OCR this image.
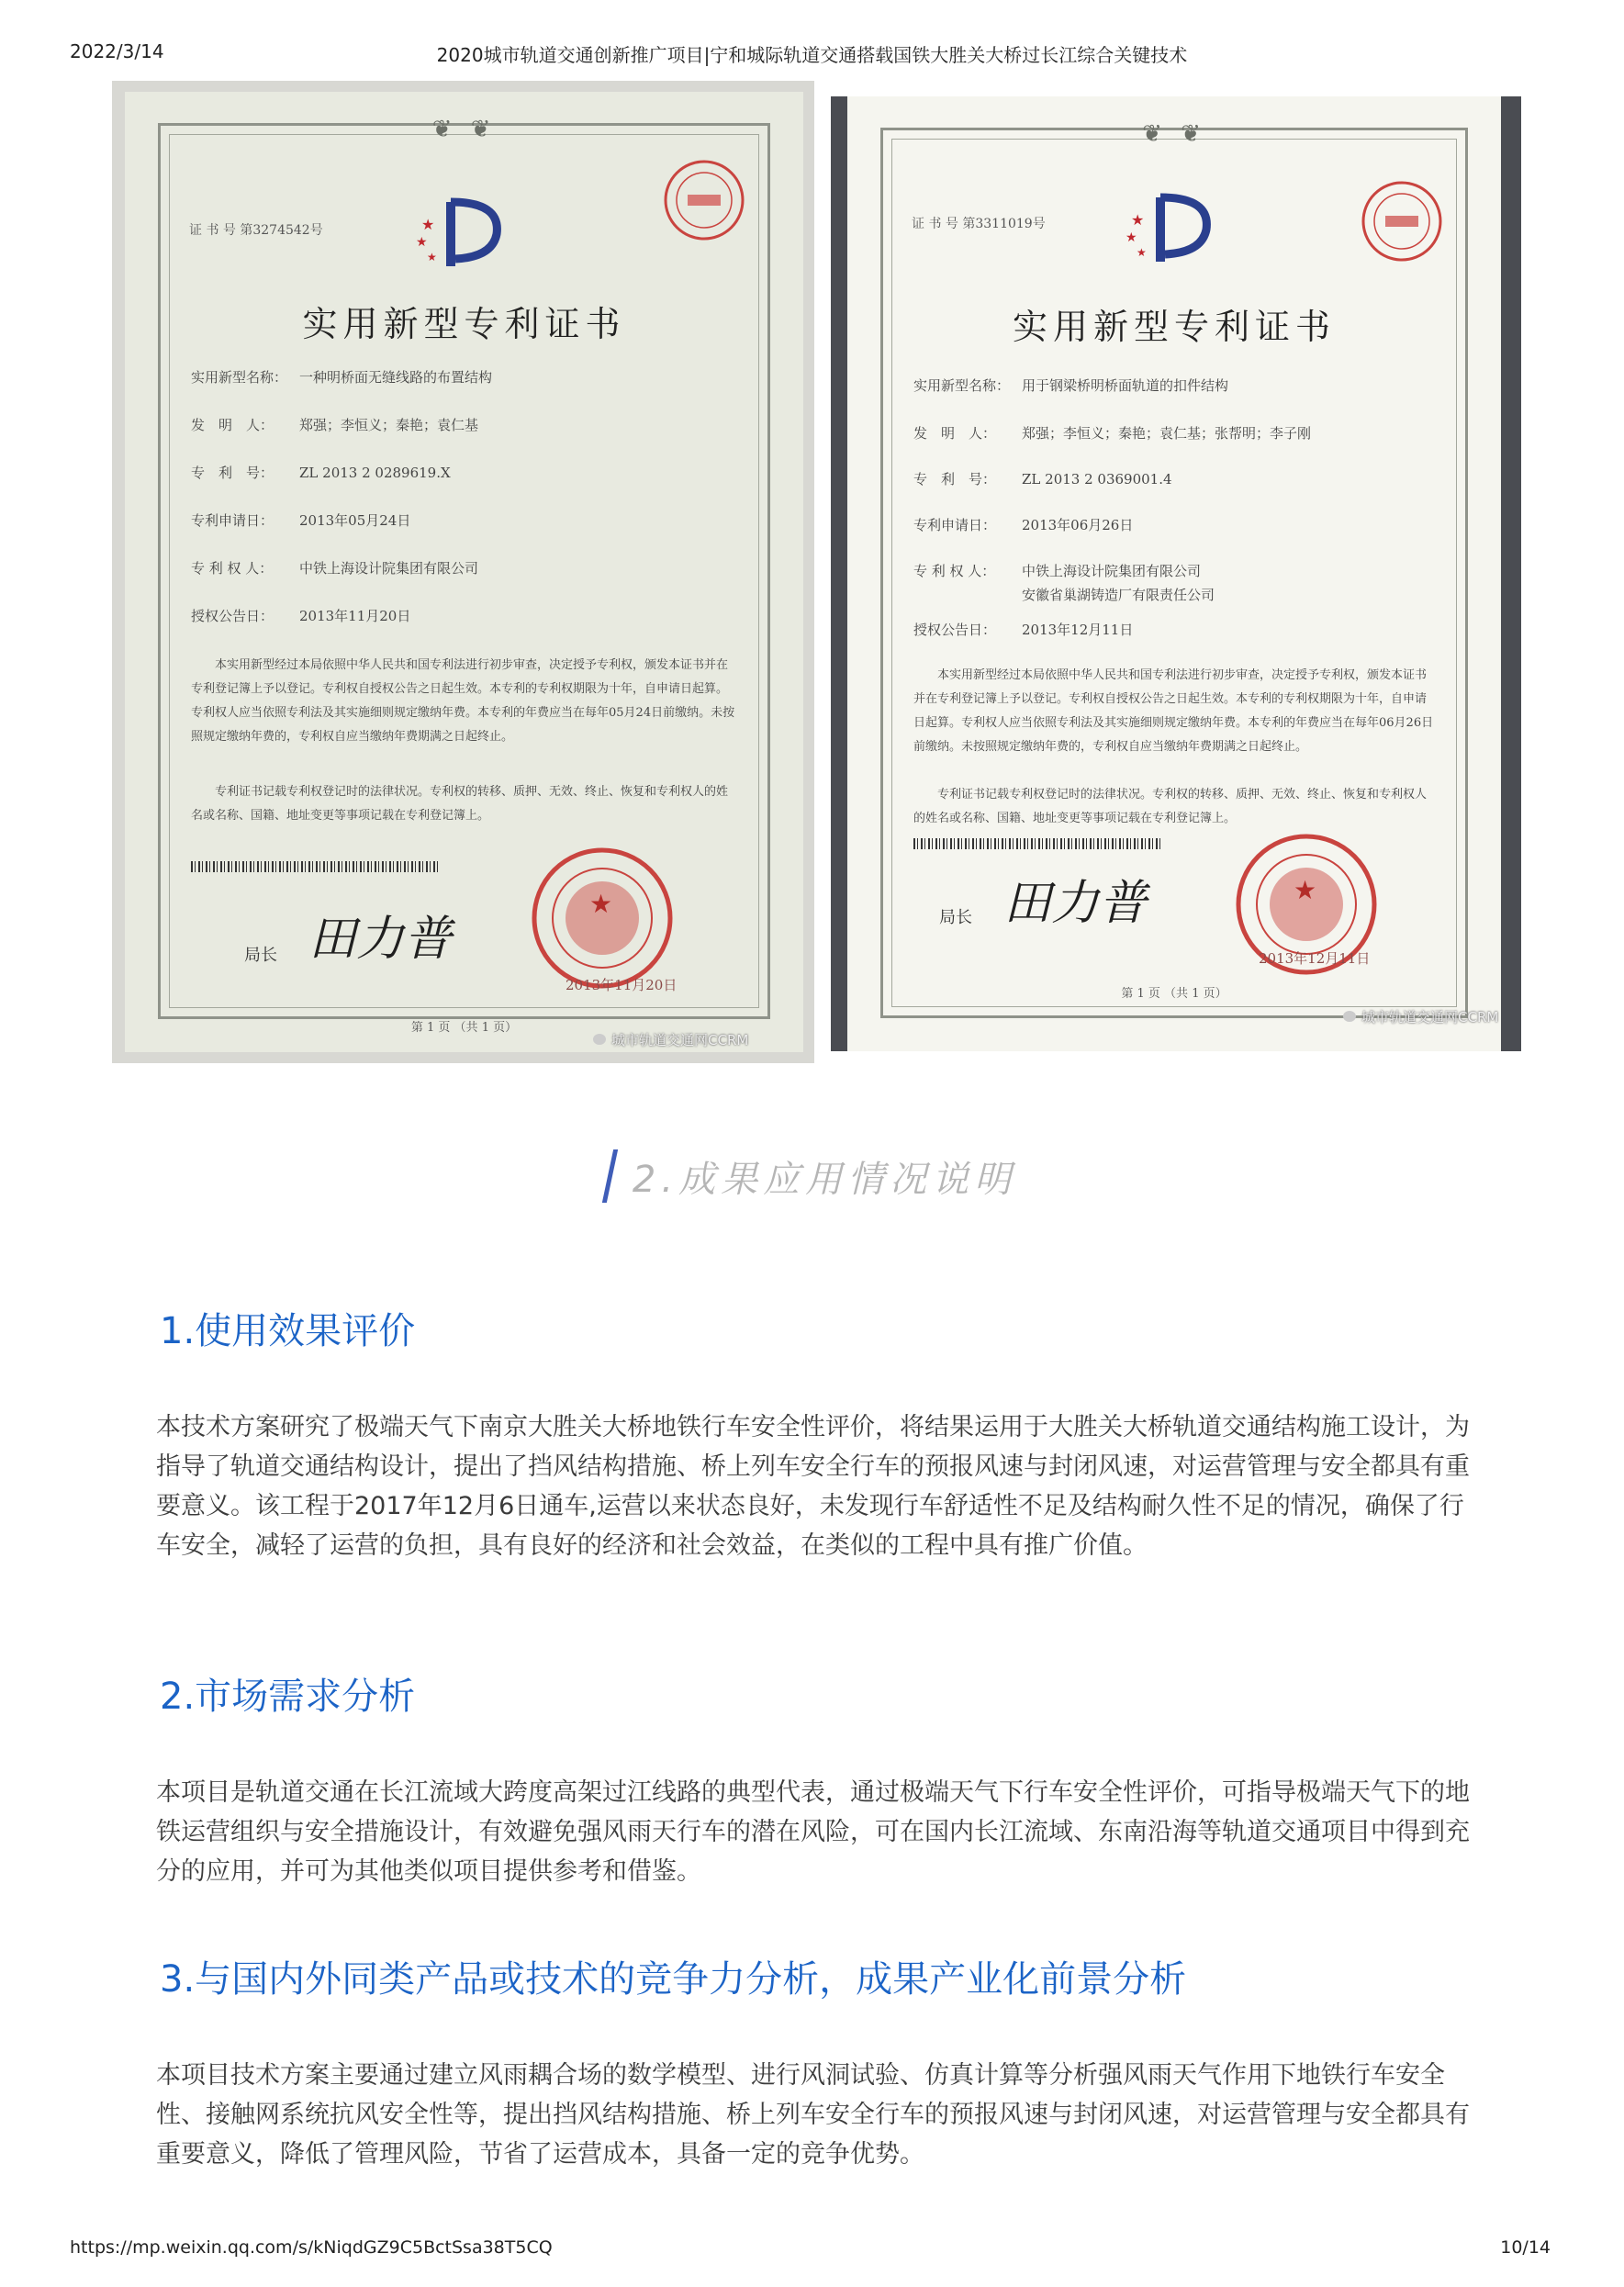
2022/3/14	2020城市轨道交通创新推广项目|宁和城际轨道交通搭载国铁大胜关大桥过长江综合关键技术
❦ ❦
证 书 号 第3274542号	★
★
★
实用新型专利证书
实用新型名称： 一种明桥面无缝线路的布置结构
发　明　人： 郑强；李恒义；秦艳；袁仁基
专　利　号： ZL 2013 2 0289619.X
专利申请日： 2013年05月24日
专 利 权 人： 中铁上海设计院集团有限公司
授权公告日： 2013年11月20日
本实用新型经过本局依照中华人民共和国专利法进行初步审查，决定授予专利权，颁发本证书并在专利登记簿上予以登记。专利权自授权公告之日起生效。本专利的专利权期限为十年，自申请日起算。专利权人应当依照专利法及其实施细则规定缴纳年费。本专利的年费应当在每年05月24日前缴纳。未按照规定缴纳年费的，专利权自应当缴纳年费期满之日起终止。
专利证书记载专利权登记时的法律状况。专利权的转移、质押、无效、终止、恢复和专利权人的姓名或名称、国籍、地址变更等事项记载在专利登记簿上。
局长 田力普
★
2013年11月20日
第 1 页 （共 1 页）
城市轨道交通网CCRM
❦ ❦
证 书 号 第3311019号	★
★
★
实用新型专利证书
实用新型名称： 用于钢梁桥明桥面轨道的扣件结构
发　明　人： 郑强；李恒义；秦艳；袁仁基；张帮明；李子刚
专　利　号： ZL 2013 2 0369001.4
专利申请日： 2013年06月26日
专 利 权 人： 中铁上海设计院集团有限公司
安徽省巢湖铸造厂有限责任公司
授权公告日： 2013年12月11日
本实用新型经过本局依照中华人民共和国专利法进行初步审查，决定授予专利权，颁发本证书并在专利登记簿上予以登记。专利权自授权公告之日起生效。本专利的专利权期限为十年，自申请日起算。专利权人应当依照专利法及其实施细则规定缴纳年费。本专利的年费应当在每年06月26日前缴纳。未按照规定缴纳年费的，专利权自应当缴纳年费期满之日起终止。
专利证书记载专利权登记时的法律状况。专利权的转移、质押、无效、终止、恢复和专利权人的姓名或名称、国籍、地址变更等事项记载在专利登记簿上。
局长 田力普	★
2013年12月11日
第 1 页 （共 1 页）
城市轨道交通网CCRM
2.成果应用情况说明
1.使用效果评价
本技术方案研究了极端天气下南京大胜关大桥地铁行车安全性评价，将结果运用于大胜关大桥轨道交通结构施工设计，为指导了轨道交通结构设计，提出了挡风结构措施、桥上列车安全行车的预报风速与封闭风速，对运营管理与安全都具有重要意义。该工程于2017年12月6日通车,运营以来状态良好，未发现行车舒适性不足及结构耐久性不足的情况，确保了行车安全，减轻了运营的负担，具有良好的经济和社会效益，在类似的工程中具有推广价值。
2.市场需求分析
本项目是轨道交通在长江流域大跨度高架过江线路的典型代表，通过极端天气下行车安全性评价，可指导极端天气下的地铁运营组织与安全措施设计，有效避免强风雨天行车的潜在风险，可在国内长江流域、东南沿海等轨道交通项目中得到充分的应用，并可为其他类似项目提供参考和借鉴。
3.与国内外同类产品或技术的竞争力分析，成果产业化前景分析
本项目技术方案主要通过建立风雨耦合场的数学模型、进行风洞试验、仿真计算等分析强风雨天气作用下地铁行车安全性、接触网系统抗风安全性等，提出挡风结构措施、桥上列车安全行车的预报风速与封闭风速，对运营管理与安全都具有重要意义，降低了管理风险，节省了运营成本，具备一定的竞争优势。
https://mp.weixin.qq.com/s/kNiqdGZ9C5BctSsa38T5CQ	10/14
